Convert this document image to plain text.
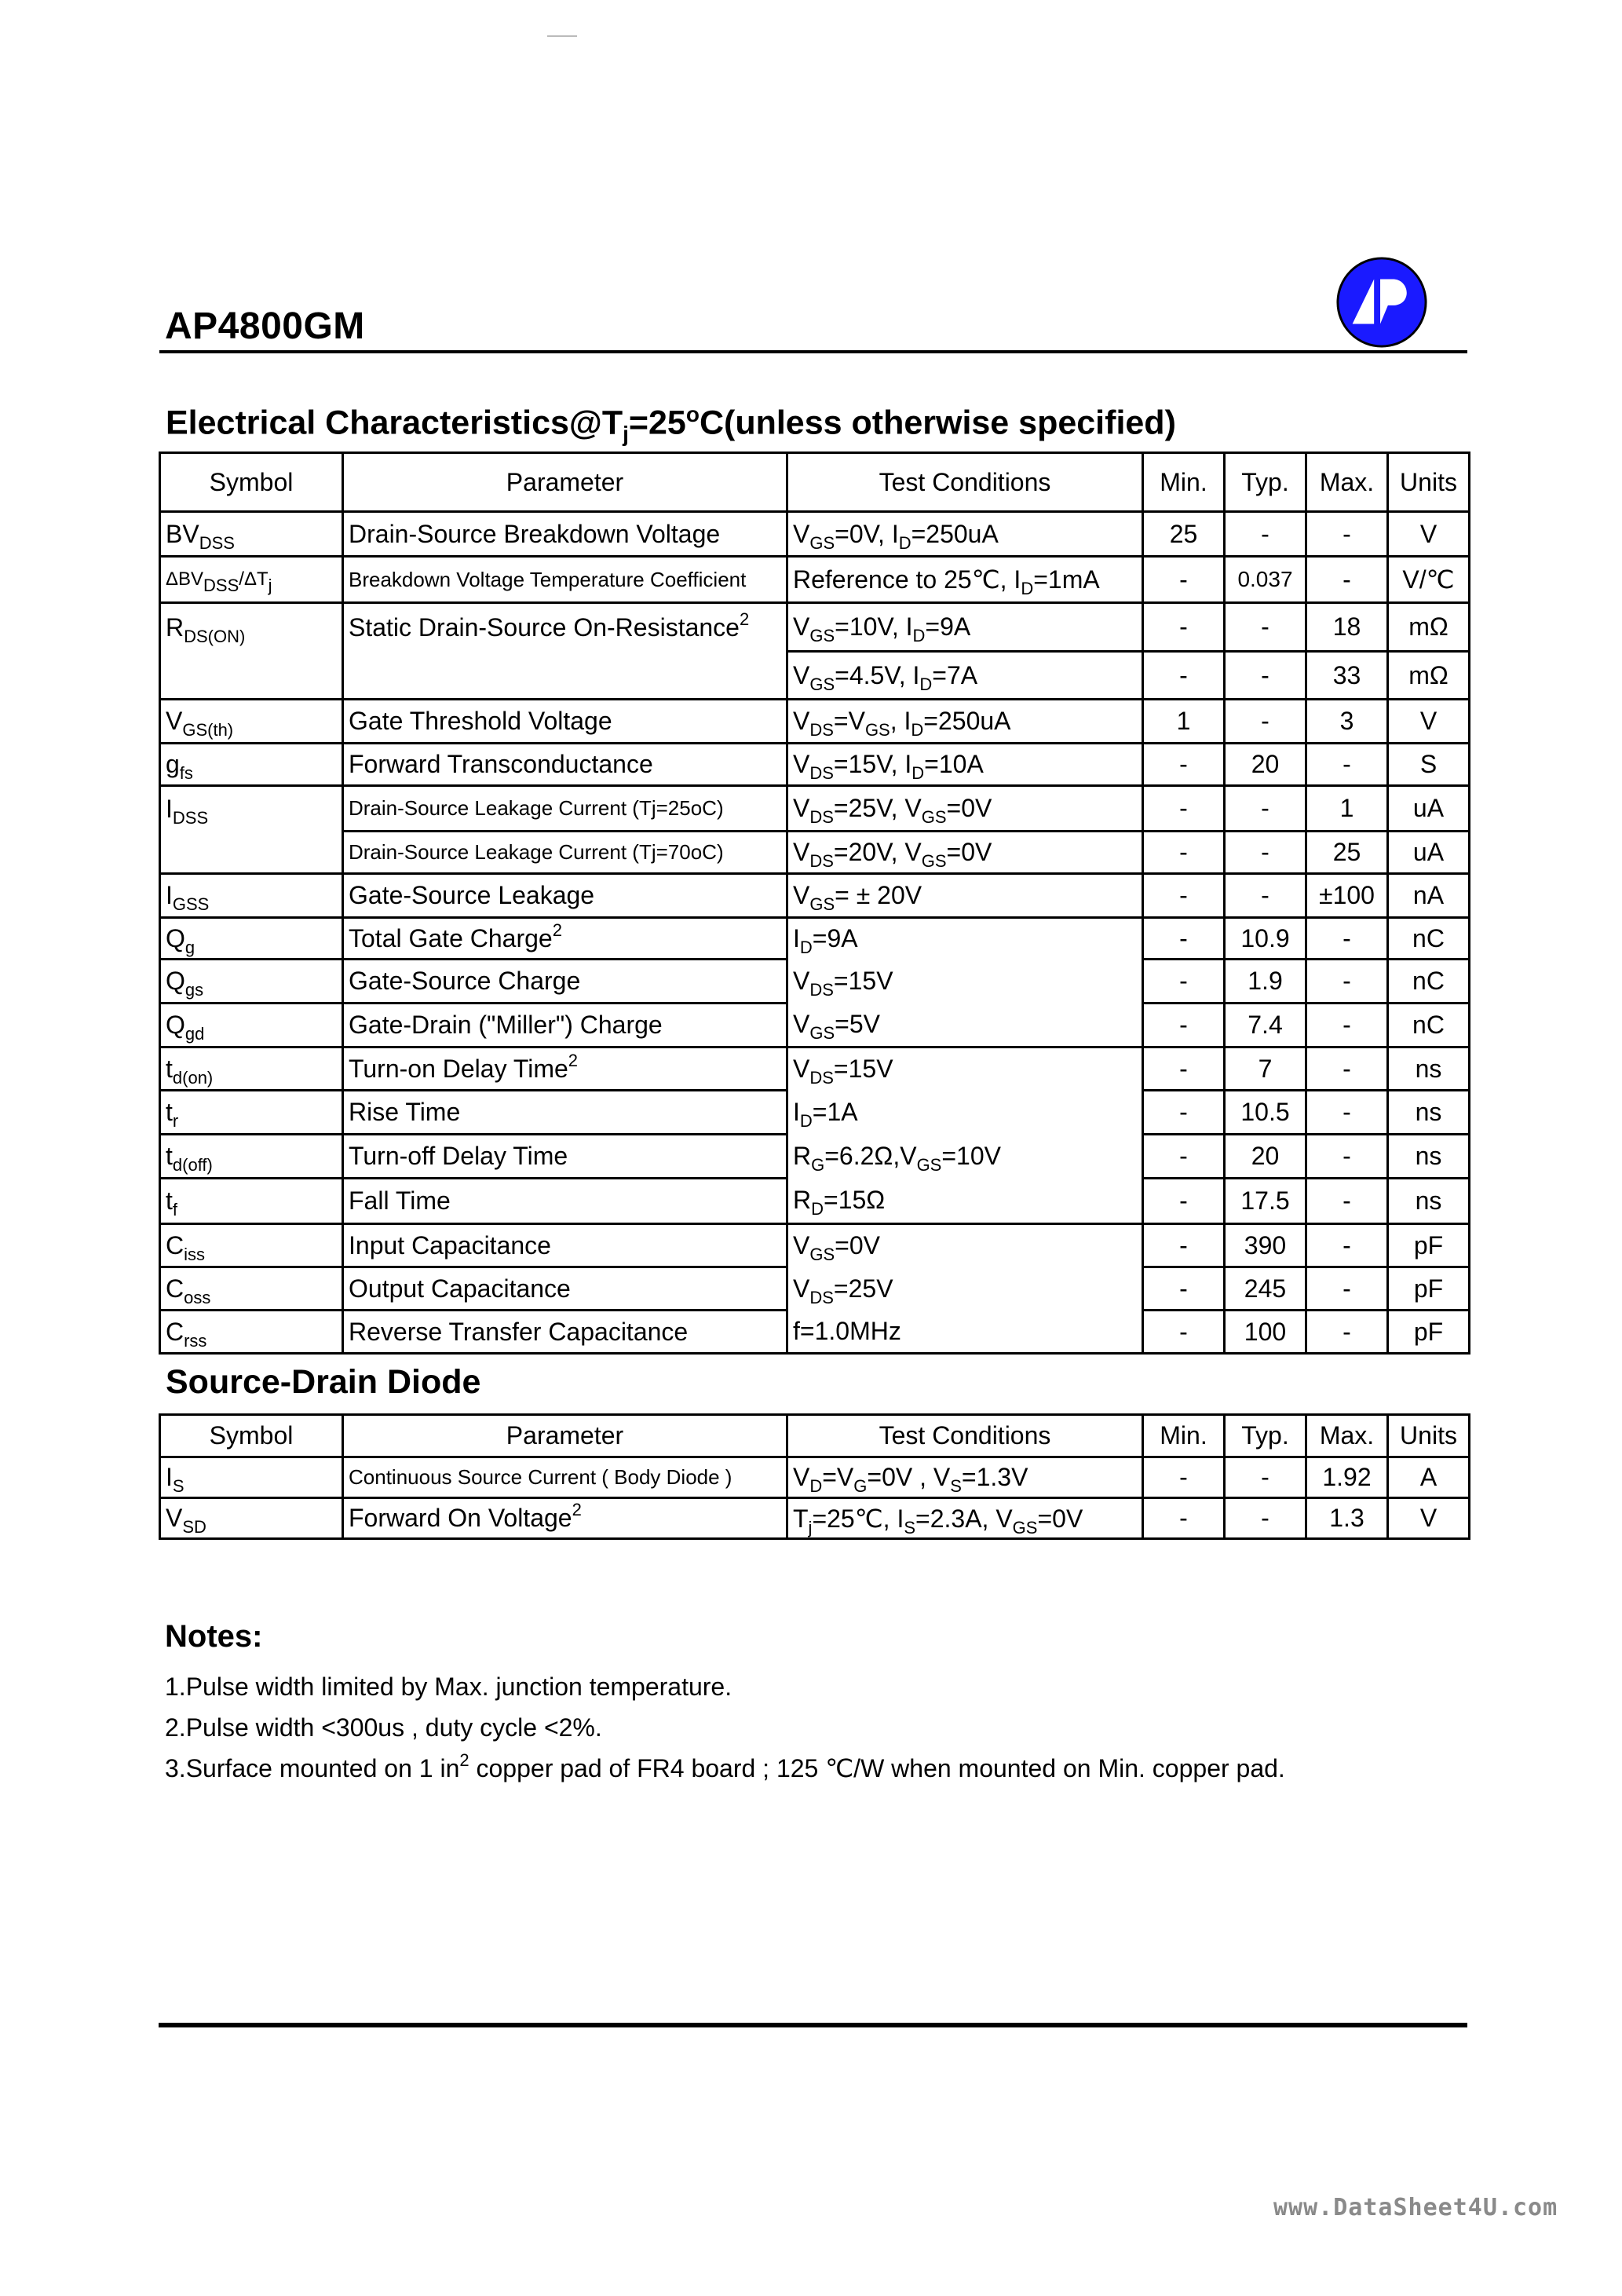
AP4800GM
Electrical $Characteristics@T_j=25^oC(unless$ otherwise specified)
Symbol	Parameter	Test Conditions	Min.	Typ.	Max.	Units
$BV_{DSS}$	Drain-Source Breakdown Voltage	$V_{GS}=0V$, $I_D=250uA$	25	-	-	V
ΔBVDSS/ΔTj	Breakdown Voltage Temperature Coefficient	Reference to 25℃, $I_D=1mA$	-	0.037	-	V/℃
$R_{DS(ON)}$	Static Drain-Source On-Resistance$^2$	$V_{GS}=10V$, $I_D=9A$	-	-	18	mΩ
		$V_{GS}=4.5V$, $I_D=7A$	-	-	33	mΩ
$V_{GS(th)}$	Gate Threshold Voltage	$V_{DS}=V_{GS}$, $I_D=250uA$	1	-	3	V
$g_{fs}$	Forward Transconductance	$V_{DS}=15V$, $I_D=10A$	-	20	-	S
$I_{DSS}$	Drain-Source Leakage Current (Tj=25oC)	$V_{DS}=25V$, $V_{GS}=0V$	-	-	1	uA
	Drain-Source Leakage Current (Tj=70oC)	$V_{DS}=20V$, $V_{GS}=0V$	-	-	25	uA
$I_{GSS}$	Gate-Source Leakage	$V_{GS}= \pm 20V$	-	-	±100	nA
$Q_g$	Total Gate Charge$^2$	$I_D=9A$	-	10.9	-	nC
$Q_{gs}$	Gate-Source Charge	$V_{DS}=15V$	-	1.9	-	nC
$Q_{gd}$	Gate-Drain ("Miller") Charge	$V_{GS}=5V$	-	7.4	-	nC
$t_{d(on)}$	Turn-on Delay Time$^2$	$V_{DS}=15V$	-	7	-	ns
$t_r$	Rise Time	$I_D=1A$	-	10.5	-	ns
$t_{d(off)}$	Turn-off Delay Time	$R_G=6.2\Omega,V_{GS}=10V$	-	20	-	ns
$t_f$	Fall Time	$R_D=15\Omega$	-	17.5	-	ns
$C_{iss}$	Input Capacitance	$V_{GS}=0V$	-	390	-	pF
$C_{oss}$	Output Capacitance	$V_{DS}=25V$	-	245	-	pF
$C_{rss}$	Reverse Transfer Capacitance	f=1.0MHz	-	100	-	pF
Source-Drain Diode
Symbol	Parameter	Test Conditions	Min.	Typ.	Max.	Units
$I_S$	Continuous Source Current ( Body Diode )	$V_D=V_G=0V$ , $V_S=1.3V$	-	-	1.92	A
$V_{SD}$	Forward On Voltage$^2$	$T_j=25℃$, $I_S=2.3A$, $V_{GS}=0V$	-	-	1.3	V
Notes:
1.Pulse width limited by Max. junction temperature.
2.Pulse width <300us , duty cycle <2%.
3.Surface mounted on 1 $in^2$ copper pad of FR4 board ; 125 ℃/W when mounted on Min. copper pad.
www.DataSheet4U.com
